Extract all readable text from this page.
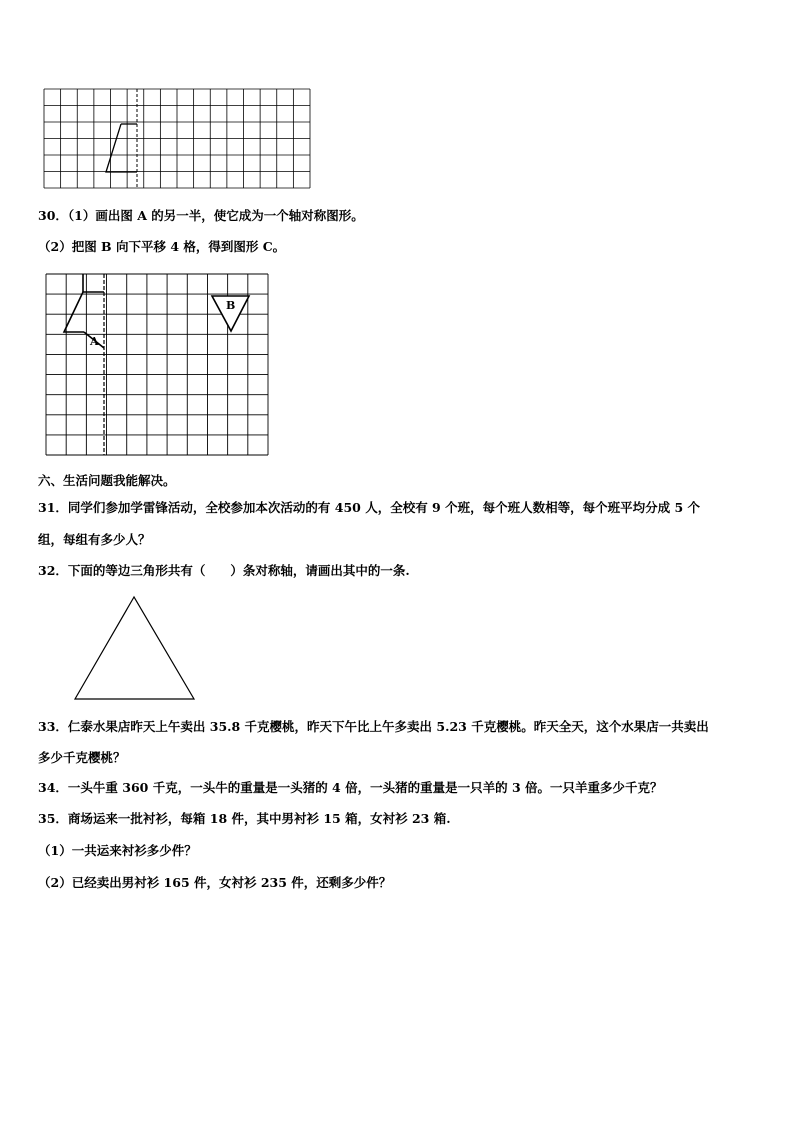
30．（1）画出图 A 的另一半，使它成为一个轴对称图形。
（2）把图 B 向下平移 4 格，得到图形 C。
A
B
六、生活问题我能解决。
31．同学们参加学雷锋活动，全校参加本次活动的有 450 人，全校有 9 个班，每个班人数相等，每个班平均分成 5 个
组，每组有多少人？
32．下面的等边三角形共有（　　）条对称轴，请画出其中的一条.
33．仁泰水果店昨天上午卖出 35.8 千克樱桃，昨天下午比上午多卖出 5.23 千克樱桃。昨天全天，这个水果店一共卖出
多少千克樱桃？
34．一头牛重 360 千克，一头牛的重量是一头猪的 4 倍，一头猪的重量是一只羊的 3 倍。一只羊重多少千克？
35．商场运来一批衬衫，每箱 18 件，其中男衬衫 15 箱，女衬衫 23 箱.
（1）一共运来衬衫多少件？
（2）已经卖出男衬衫 165 件，女衬衫 235 件，还剩多少件？
